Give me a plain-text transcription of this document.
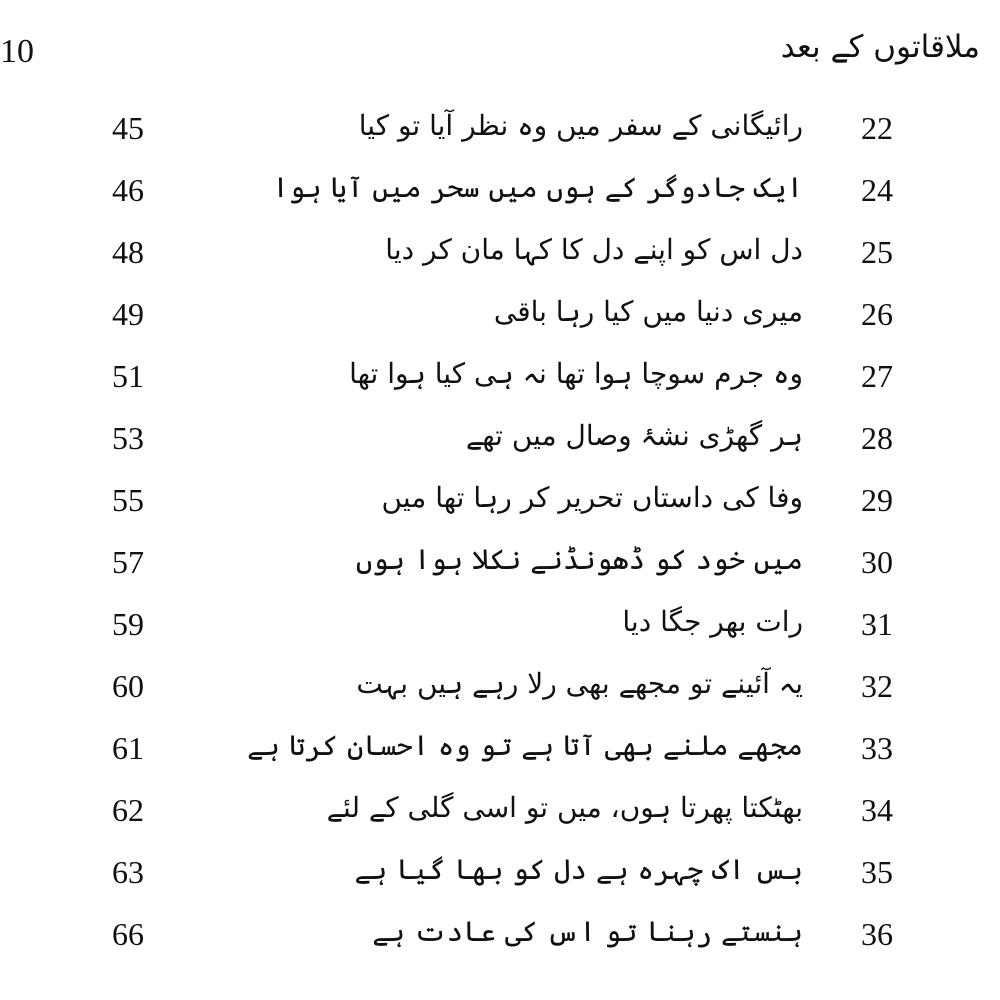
10	ملاقاتوں کے بعد
45	رائیگانی کے سفر میں وہ نظر آیا تو کیا 22
46	ایک جادوگر کے ہوں میں سحر میں آیا ہوا 24
48	دل اس کو اپنے دل کا کہا مان کر دیا 25
49	میری دنیا میں کیا رہا باقی 26
51	وہ جرم سوچا ہوا تھا نہ ہی کیا ہوا تھا 27
53	ہر گھڑی نشۂ وصال میں تھے 28
55	وفا کی داستاں تحریر کر رہا تھا میں 29
57	میں خود کو ڈھونڈنے نکلا ہوا ہوں 30
59	رات بھر جگا دیا 31
60	یہ آئینے تو مجھے بھی رلا رہے ہیں بہت 32
61	مجھے ملنے بھی آتا ہے تو وہ احسان کرتا ہے 33
62	بھٹکتا پھرتا ہوں، میں تو اسی گلی کے لئے 34
63	بس اک چہرہ ہے دل کو بھا گیا ہے 35
66	ہنستے رہنا تو اس کی عادت ہے 36
